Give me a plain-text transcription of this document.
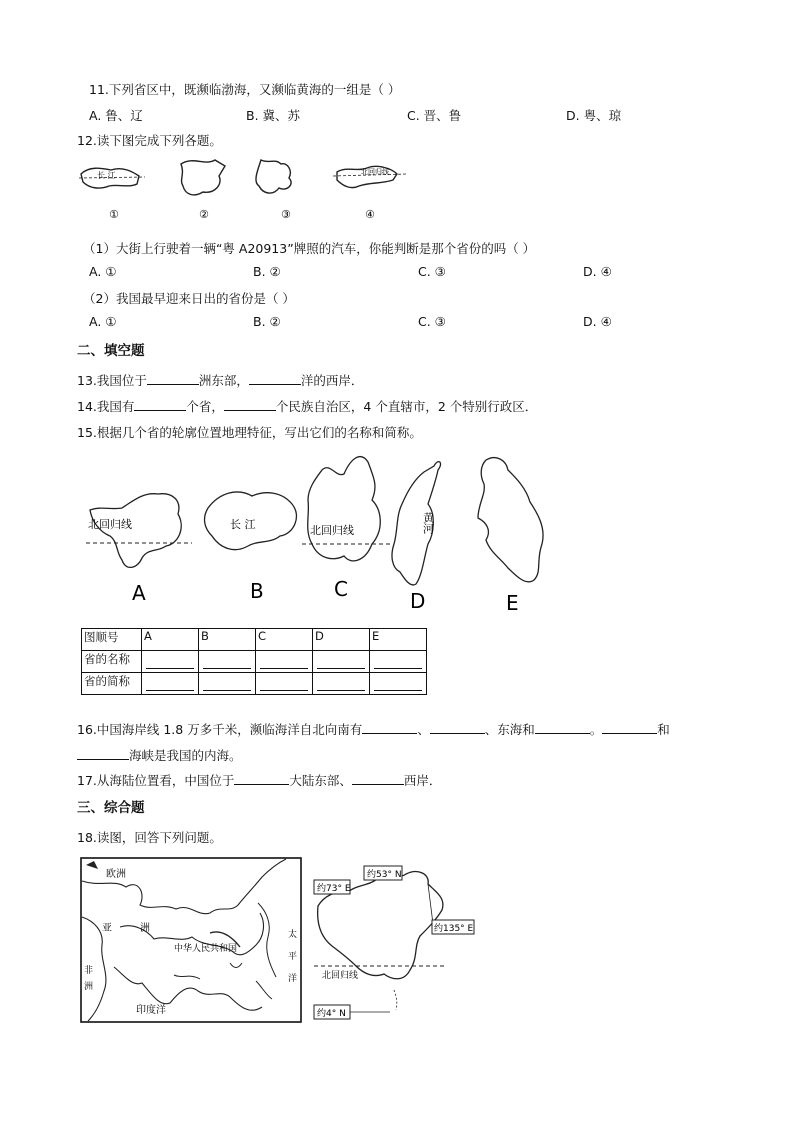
11.下列省区中，既濒临渤海，又濒临黄海的一组是（ ）
A. 鲁、辽	B. 冀、苏	C. 晋、鲁	D. 粤、琼
12.读下图完成下列各题。
长 江	北回归线
①	②	③	④
（1）大街上行驶着一辆“粤 A20913”牌照的汽车，你能判断是那个省份的吗（ ）
A. ①	B. ②	C. ③	D. ④
（2）我国最早迎来日出的省份是（ ）
A. ①	B. ②	C. ③	D. ④
二、填空题
13.我国位于	洲东部，	洋的西岸．
14.我国有	个省，	个民族自治区，4 个直辖市，2 个特别行政区．
15.根据几个省的轮廓位置地理特征，写出它们的名称和简称。
北回归线	长 江	北回归线	黄河
A	B	C	D	E
图顺号	A	B	C	D	E
省的名称					
省的简称					
16.中国海岸线 1.8 万多千米，濒临海洋自北向南有	、	、东海和	。	和
海峡是我国的内海。
17.从海陆位置看，中国位于	大陆东部、	西岸．
三、综合题
18.读图，回答下列问题。
欧洲
亚	洲
中华人民共和国
太
平
洋
非
洲
印度洋
约73° E
约53° N
约135° E
北回归线
约4° N
